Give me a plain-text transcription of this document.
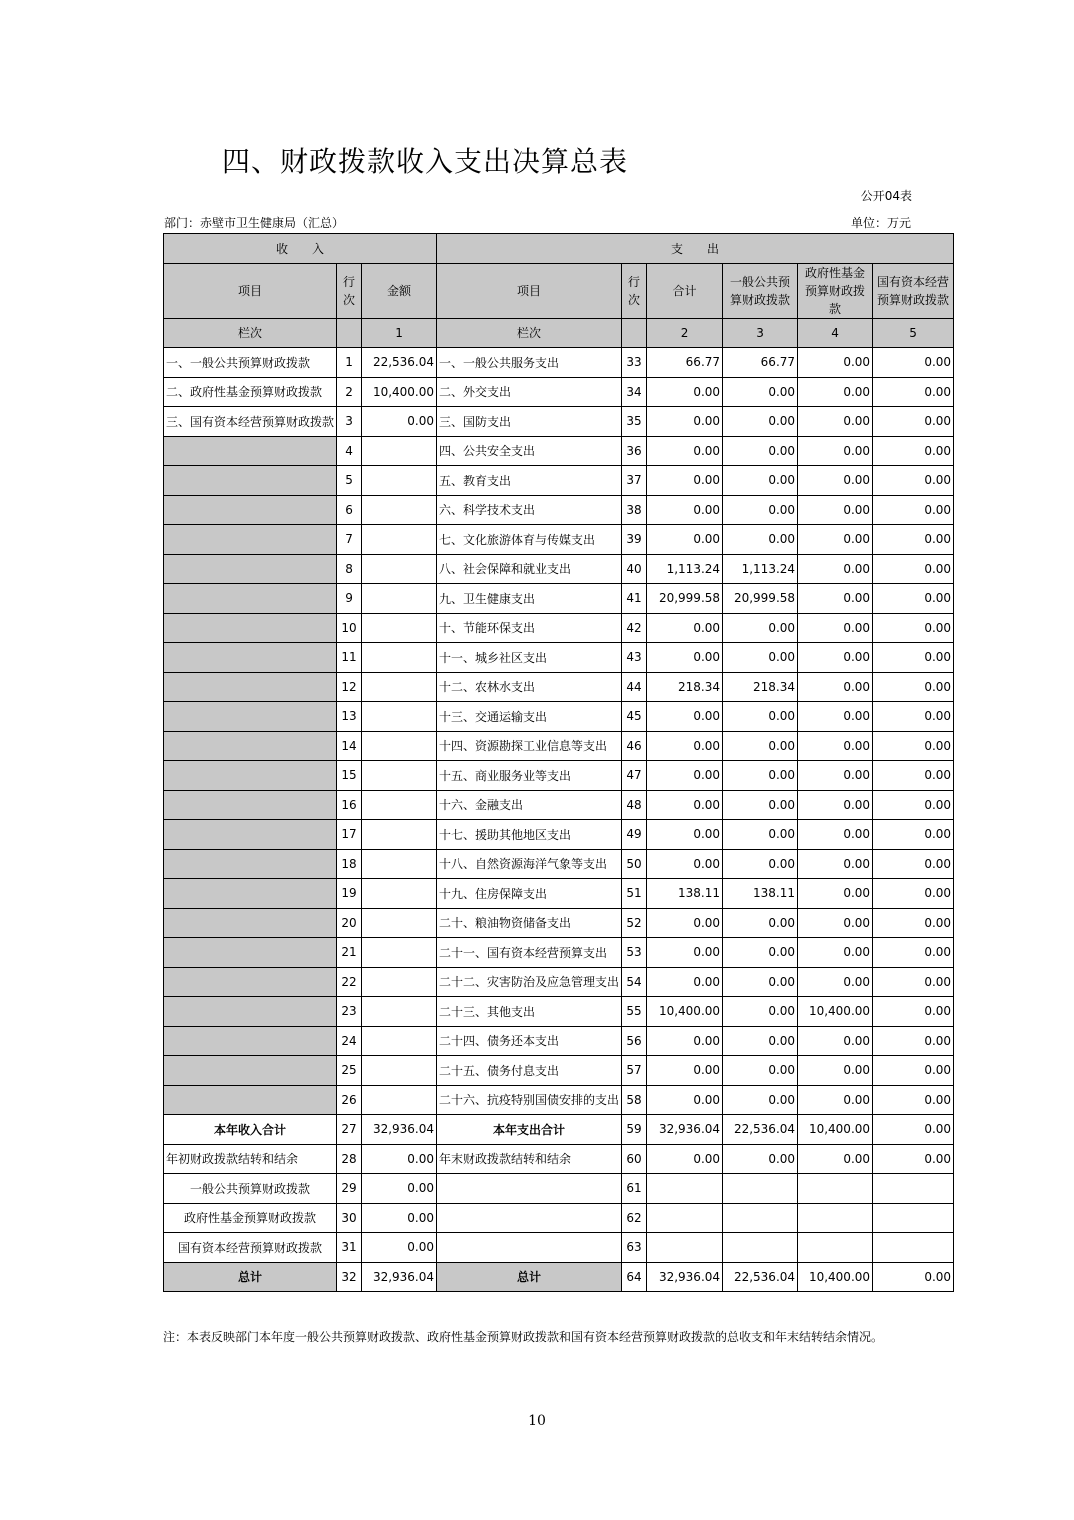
四、财政拨款收入支出决算总表
公开04表
部门：赤壁市卫生健康局（汇总）	单位：万元
收　　入			支　　出					
项目	行次	金额	项目	行次	合计	一般公共预算财政拨款	政府性基金预算财政拨款	国有资本经营预算财政拨款
栏次		1	栏次		2	3	4	5
一、一般公共预算财政拨款	1	22,536.04	一、一般公共服务支出	33	66.77	66.77	0.00	0.00
二、政府性基金预算财政拨款	2	10,400.00	二、外交支出	34	0.00	0.00	0.00	0.00
三、国有资本经营预算财政拨款	3	0.00	三、国防支出	35	0.00	0.00	0.00	0.00
	4		四、公共安全支出	36	0.00	0.00	0.00	0.00
	5		五、教育支出	37	0.00	0.00	0.00	0.00
	6		六、科学技术支出	38	0.00	0.00	0.00	0.00
	7		七、文化旅游体育与传媒支出	39	0.00	0.00	0.00	0.00
	8		八、社会保障和就业支出	40	1,113.24	1,113.24	0.00	0.00
	9		九、卫生健康支出	41	20,999.58	20,999.58	0.00	0.00
	10		十、节能环保支出	42	0.00	0.00	0.00	0.00
	11		十一、城乡社区支出	43	0.00	0.00	0.00	0.00
	12		十二、农林水支出	44	218.34	218.34	0.00	0.00
	13		十三、交通运输支出	45	0.00	0.00	0.00	0.00
	14		十四、资源勘探工业信息等支出	46	0.00	0.00	0.00	0.00
	15		十五、商业服务业等支出	47	0.00	0.00	0.00	0.00
	16		十六、金融支出	48	0.00	0.00	0.00	0.00
	17		十七、援助其他地区支出	49	0.00	0.00	0.00	0.00
	18		十八、自然资源海洋气象等支出	50	0.00	0.00	0.00	0.00
	19		十九、住房保障支出	51	138.11	138.11	0.00	0.00
	20		二十、粮油物资储备支出	52	0.00	0.00	0.00	0.00
	21		二十一、国有资本经营预算支出	53	0.00	0.00	0.00	0.00
	22		二十二、灾害防治及应急管理支出	54	0.00	0.00	0.00	0.00
	23		二十三、其他支出	55	10,400.00	0.00	10,400.00	0.00
	24		二十四、债务还本支出	56	0.00	0.00	0.00	0.00
	25		二十五、债务付息支出	57	0.00	0.00	0.00	0.00
	26		二十六、抗疫特别国债安排的支出	58	0.00	0.00	0.00	0.00
本年收入合计	27	32,936.04	本年支出合计	59	32,936.04	22,536.04	10,400.00	0.00
年初财政拨款结转和结余	28	0.00	年末财政拨款结转和结余	60	0.00	0.00	0.00	0.00
一般公共预算财政拨款	29	0.00		61				
政府性基金预算财政拨款	30	0.00		62				
国有资本经营预算财政拨款	31	0.00		63				
总计	32	32,936.04	总计	64	32,936.04	22,536.04	10,400.00	0.00
注：本表反映部门本年度一般公共预算财政拨款、政府性基金预算财政拨款和国有资本经营预算财政拨款的总收支和年末结转结余情况。
10
